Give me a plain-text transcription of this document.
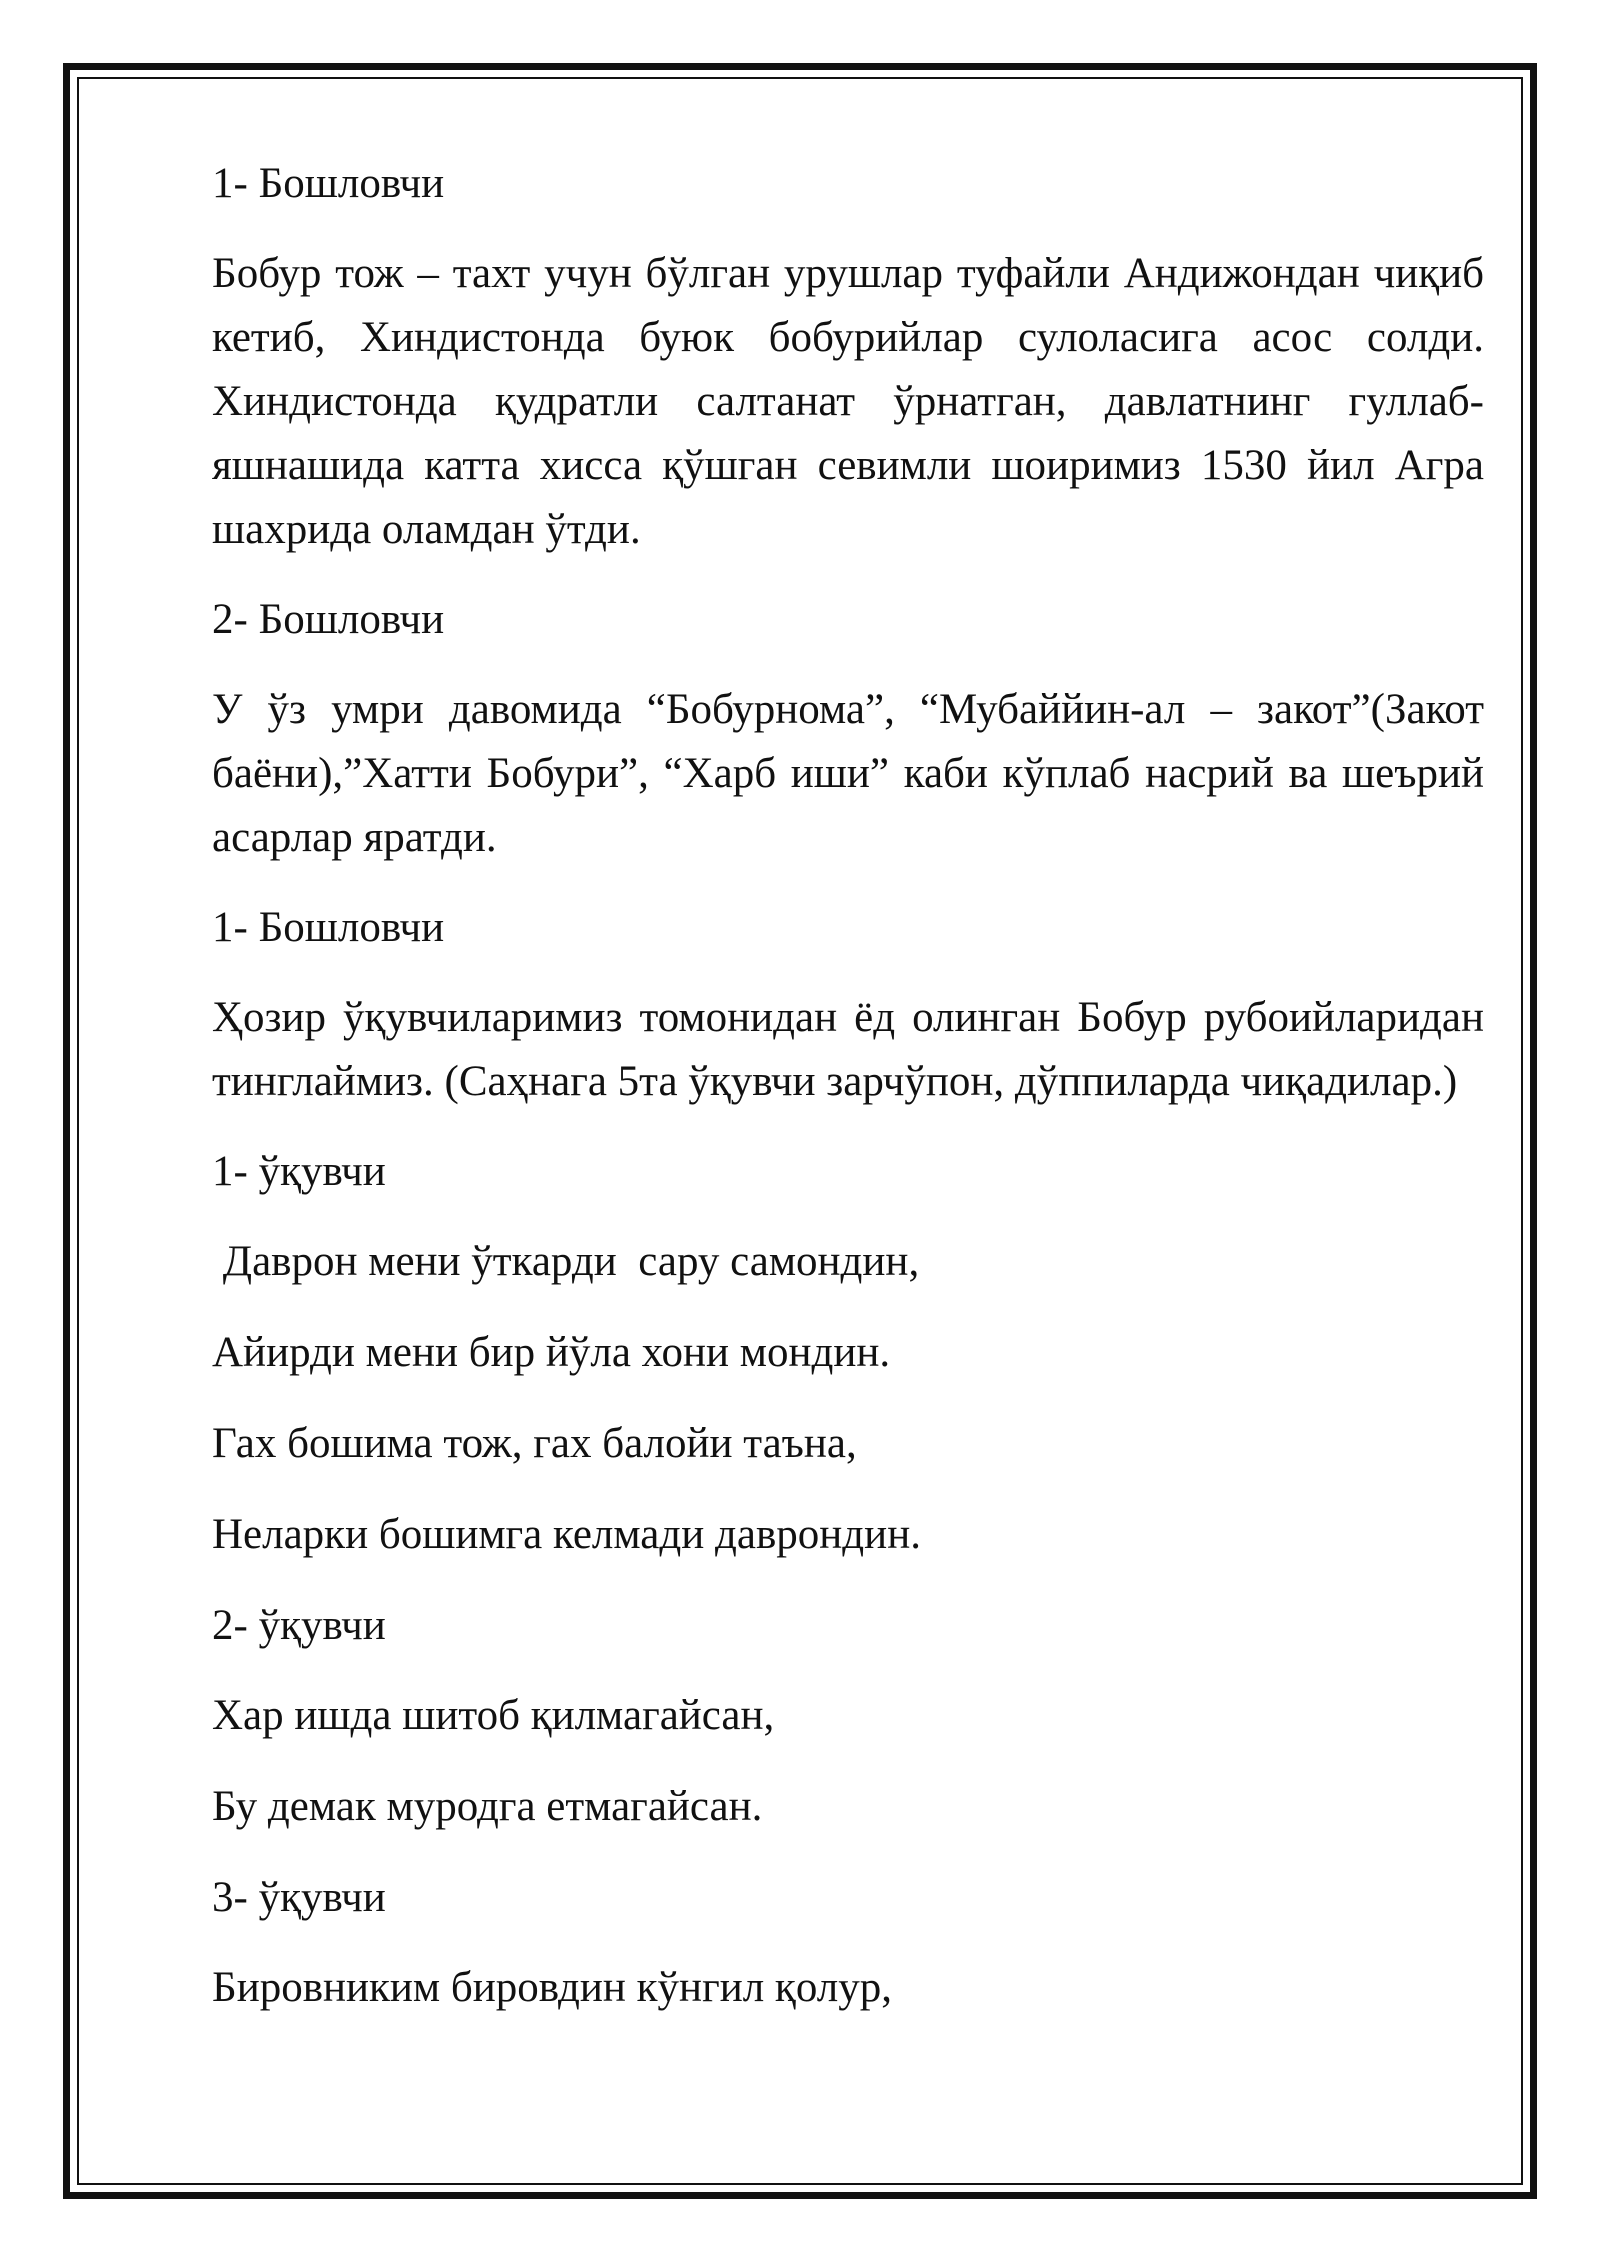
1- Бошловчи

Бобур тож – тахт учун бўлган урушлар туфайли Андижондан чиқиб кетиб, Хиндистонда буюк бобурийлар сулоласига асос солди. Хиндистонда қудратли салтанат ўрнатган, давлатнинг гуллаб- яшнашида катта хисса қўшган севимли шоиримиз 1530 йил Агра шахрида оламдан ўтди.

2- Бошловчи

У ўз умри давомида “Бобурнома”, “Мубаййин-ал – закот”(Закот баёни),”Хатти Бобури”, “Харб иши” каби кўплаб насрий ва шеърий асарлар яратди.

1- Бошловчи

Ҳозир ўқувчиларимиз томонидан ёд олинган Бобур рубоийларидан тинглаймиз. (Саҳнага 5та ўқувчи зарчўпон, дўппиларда чиқадилар.)

1- ўқувчи

Даврон мени ўткарди  сару самондин,

Айирди мени бир йўла хони мондин.

Гах бошима тож, гах балойи таъна,

Неларки бошимга келмади даврондин.

2- ўқувчи

Хар ишда шитоб қилмагайсан,

Бу демак муродга етмагайсан.

3- ўқувчи

Бировниким бировдин кўнгил қолур,
